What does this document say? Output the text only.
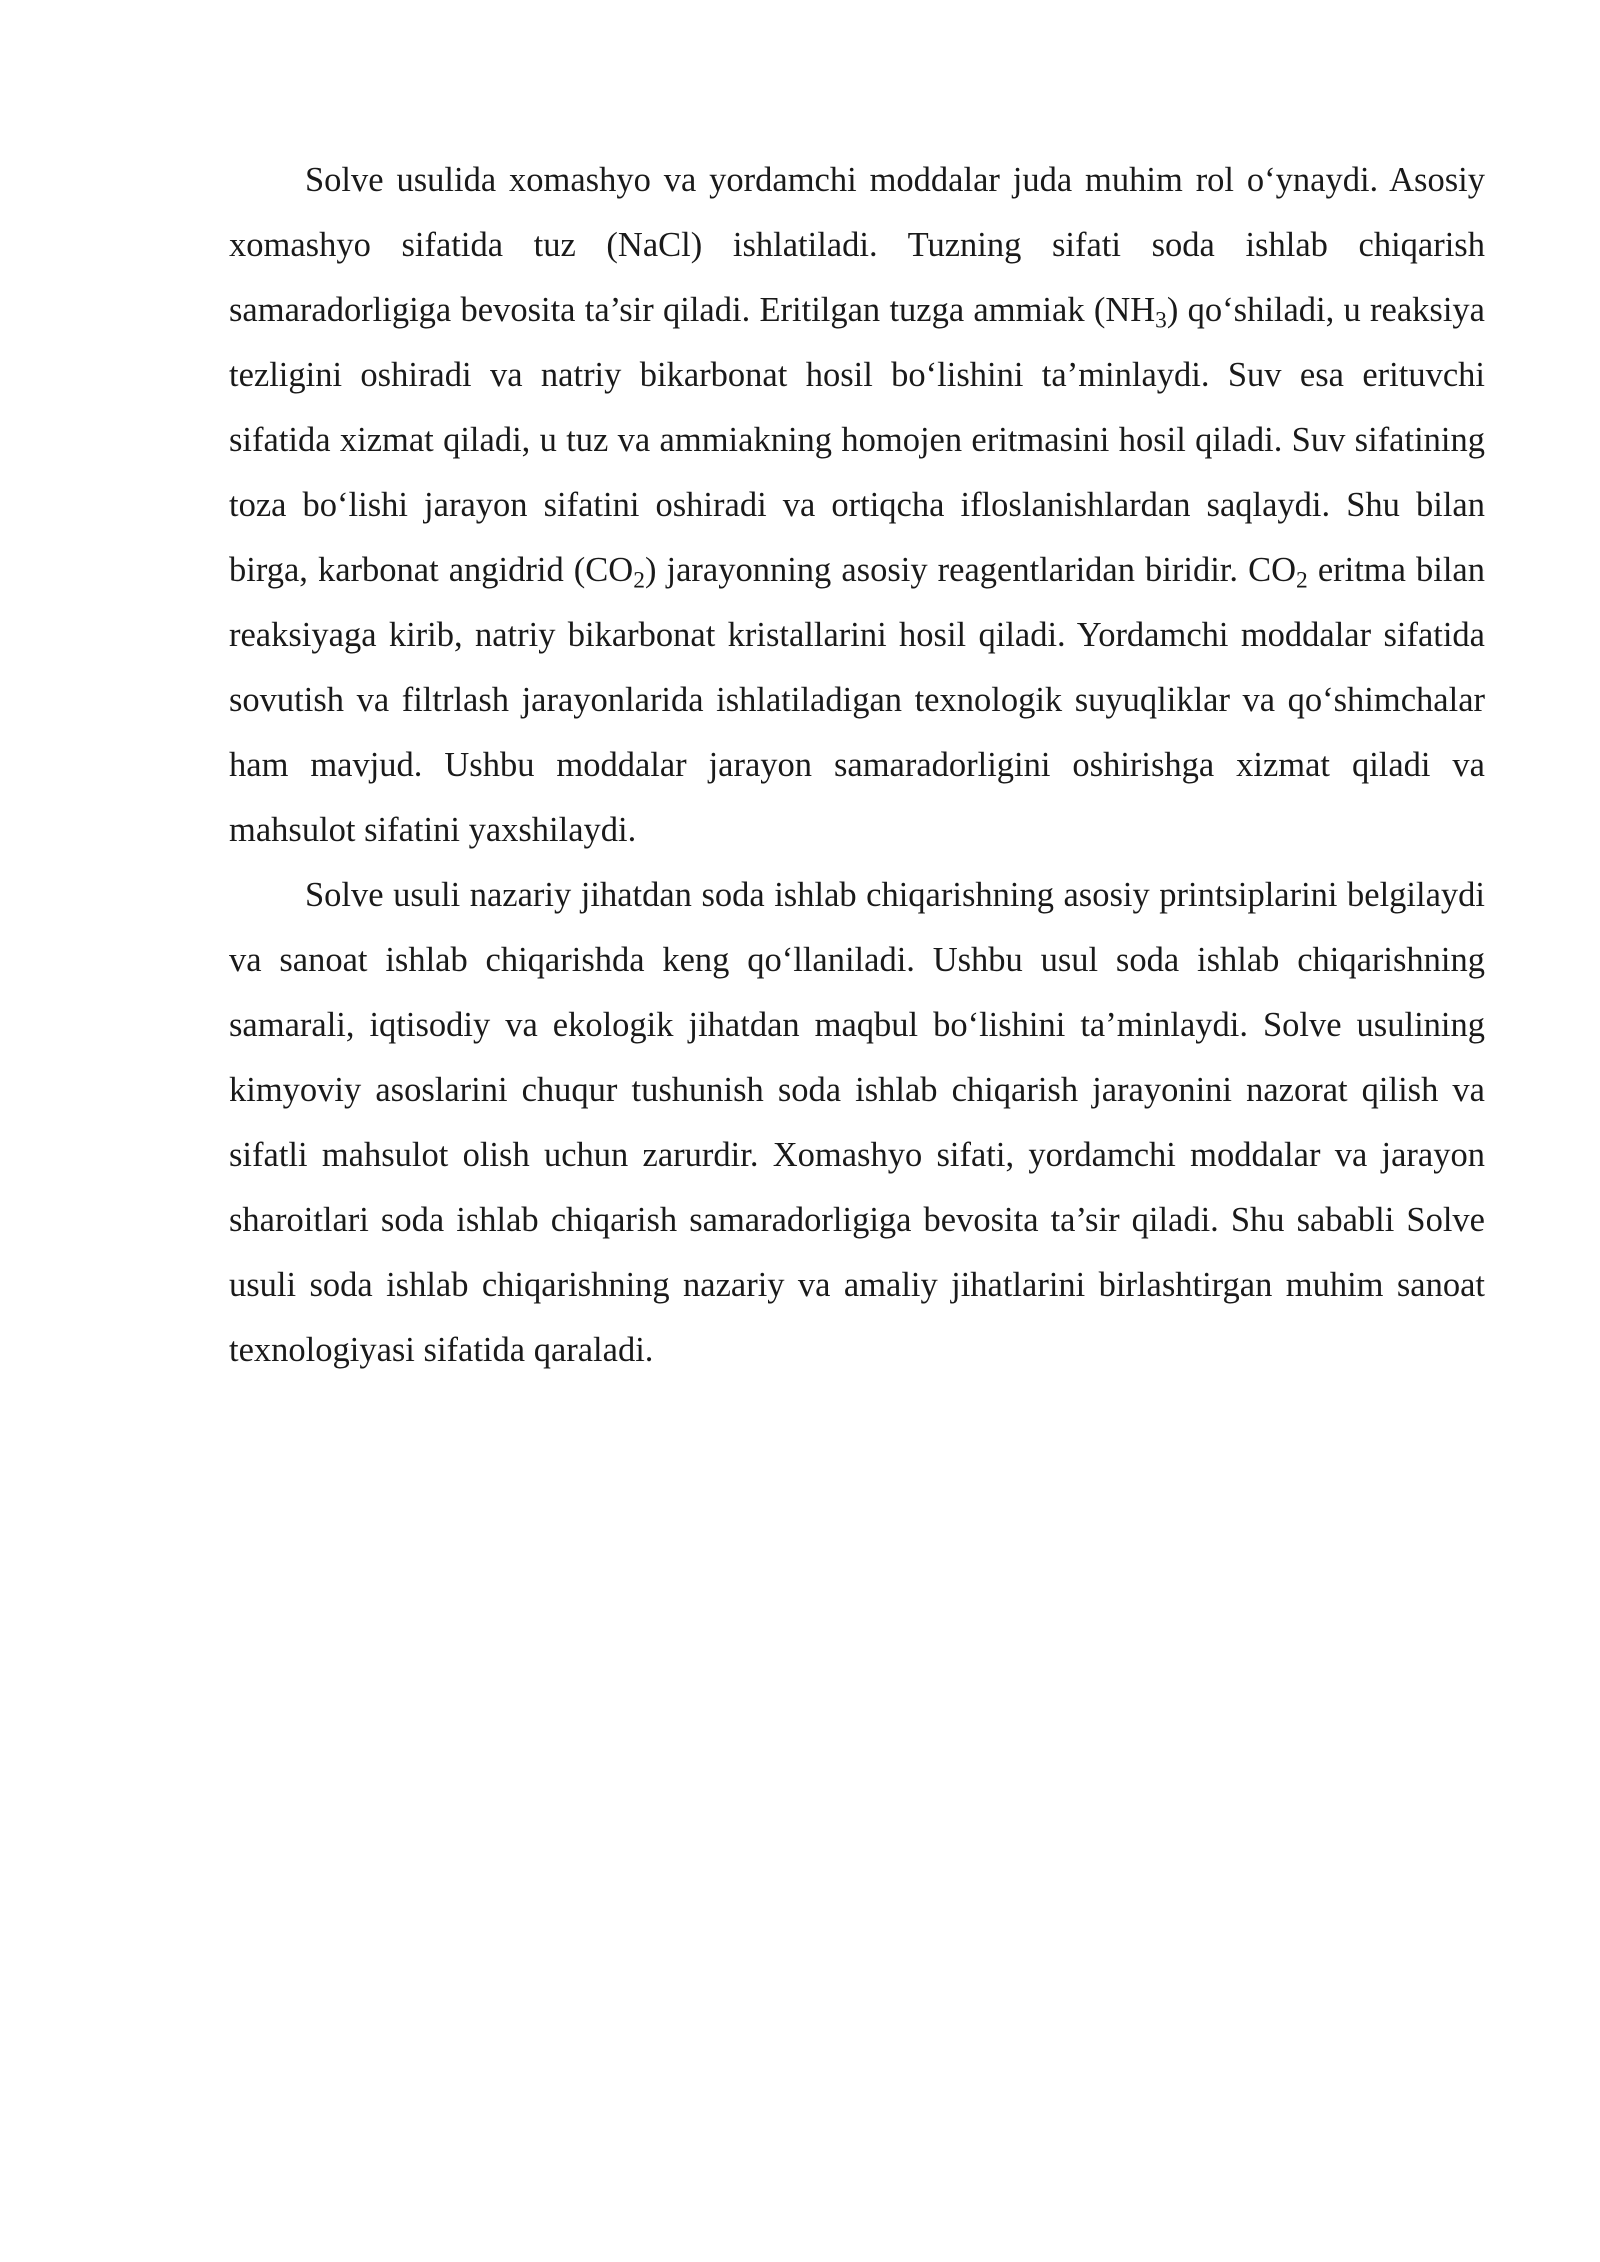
Solve usulida xomashyo va yordamchi moddalar juda muhim rol o‘ynaydi. Asosiy xomashyo sifatida tuz (NaCl) ishlatiladi. Tuzning sifati soda ishlab chiqarish samaradorligiga bevosita ta’sir qiladi. Eritilgan tuzga ammiak $(NH_3)$ qo‘shiladi, u reaksiya tezligini oshiradi va natriy bikarbonat hosil bo‘lishini ta’minlaydi. Suv esa erituvchi sifatida xizmat qiladi, u tuz va ammiakning homojen eritmasini hosil qiladi. Suv sifatining toza bo‘lishi jarayon sifatini oshiradi va ortiqcha ifloslanishlardan saqlaydi. Shu bilan birga, karbonat angidrid $(CO_2)$ jarayonning asosiy reagentlaridan biridir. $CO_2$ eritma bilan reaksiyaga kirib, natriy bikarbonat kristallarini hosil qiladi. Yordamchi moddalar sifatida sovutish va filtrlash jarayonlarida ishlatiladigan texnologik suyuqliklar va qo‘shimchalar ham mavjud. Ushbu moddalar jarayon samaradorligini oshirishga xizmat qiladi va mahsulot sifatini yaxshilaydi.

Solve usuli nazariy jihatdan soda ishlab chiqarishning asosiy printsiplarini belgilaydi va sanoat ishlab chiqarishda keng qo‘llaniladi. Ushbu usul soda ishlab chiqarishning samarali, iqtisodiy va ekologik jihatdan maqbul bo‘lishini ta’minlaydi. Solve usulining kimyoviy asoslarini chuqur tushunish soda ishlab chiqarish jarayonini nazorat qilish va sifatli mahsulot olish uchun zarurdir. Xomashyo sifati, yordamchi moddalar va jarayon sharoitlari soda ishlab chiqarish samaradorligiga bevosita ta’sir qiladi. Shu sababli Solve usuli soda ishlab chiqarishning nazariy va amaliy jihatlarini birlashtirgan muhim sanoat texnologiyasi sifatida qaraladi.
